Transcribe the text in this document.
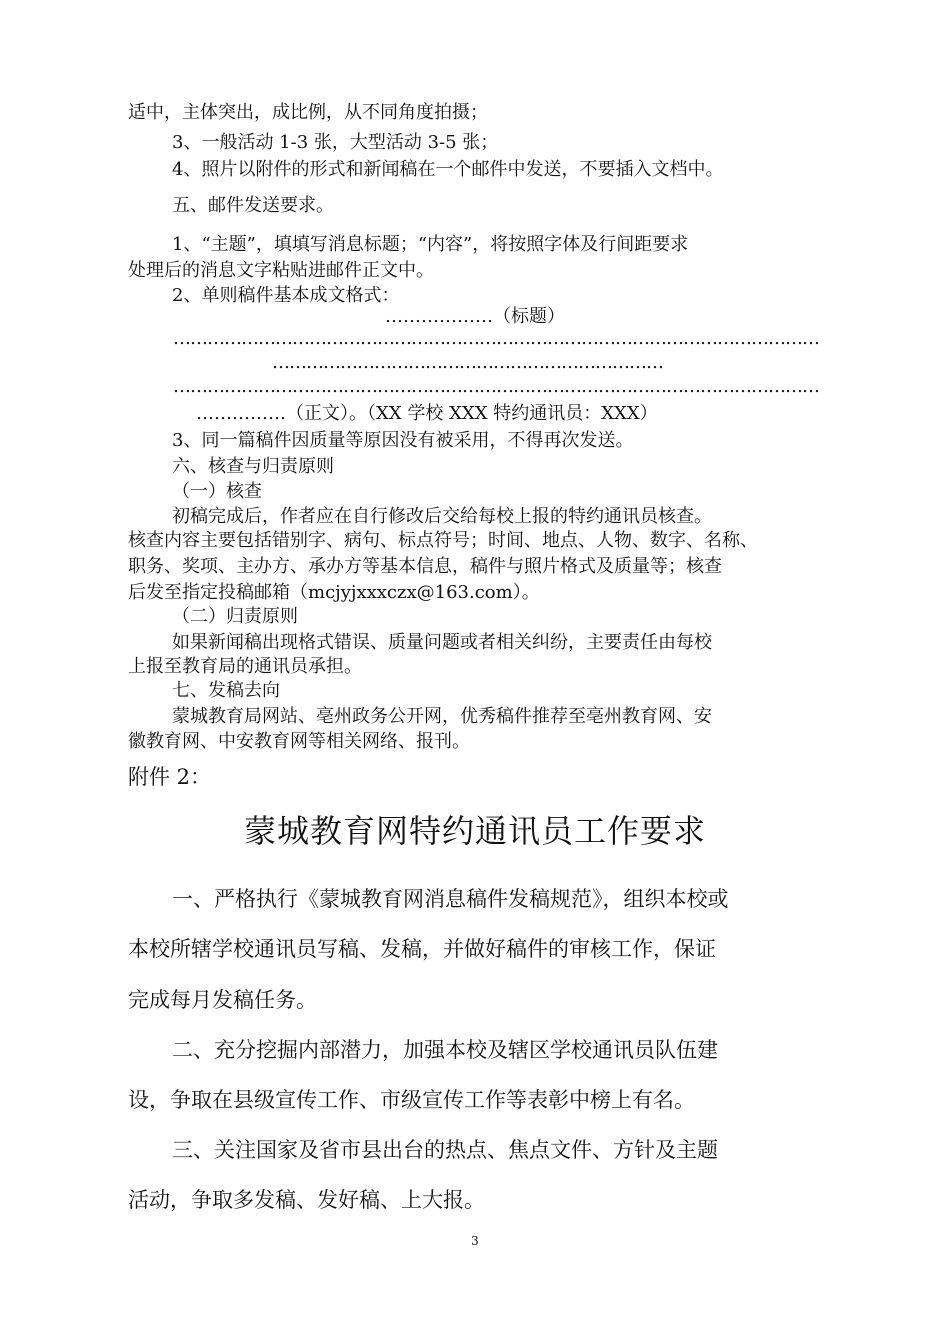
适中，主体突出，成比例，从不同角度拍摄；
3、一般活动 1-3 张，大型活动 3-5 张；
4、照片以附件的形式和新闻稿在一个邮件中发送，不要插入文档中。
五、邮件发送要求。
1、“主题”，填填写消息标题；“内容”，将按照字体及行间距要求
处理后的消息文字粘贴进邮件正文中。
2、单则稿件基本成文格式：
………………（标题）
……………………………………………………………………………………………………
……………………………………………………………
……………………………………………………………………………………………………
……………（正文）。（XX 学校 XXX 特约通讯员：XXX）
3、同一篇稿件因质量等原因没有被采用，不得再次发送。
六、核查与归责原则
（一）核查
初稿完成后，作者应在自行修改后交给每校上报的特约通讯员核查。
核查内容主要包括错别字、病句、标点符号；时间、地点、人物、数字、名称、
职务、奖项、主办方、承办方等基本信息，稿件与照片格式及质量等；核查
后发至指定投稿邮箱（mcjyjxxxczx@163.com）。
（二）归责原则
如果新闻稿出现格式错误、质量问题或者相关纠纷，主要责任由每校
上报至教育局的通讯员承担。
七、发稿去向
蒙城教育局网站、亳州政务公开网，优秀稿件推荐至亳州教育网、安
徽教育网、中安教育网等相关网络、报刊。
附件 2：
蒙城教育网特约通讯员工作要求
一、严格执行《蒙城教育网消息稿件发稿规范》，组织本校或
本校所辖学校通讯员写稿、发稿，并做好稿件的审核工作，保证
完成每月发稿任务。
二、充分挖掘内部潜力，加强本校及辖区学校通讯员队伍建
设，争取在县级宣传工作、市级宣传工作等表彰中榜上有名。
三、关注国家及省市县出台的热点、焦点文件、方针及主题
活动，争取多发稿、发好稿、上大报。
3
